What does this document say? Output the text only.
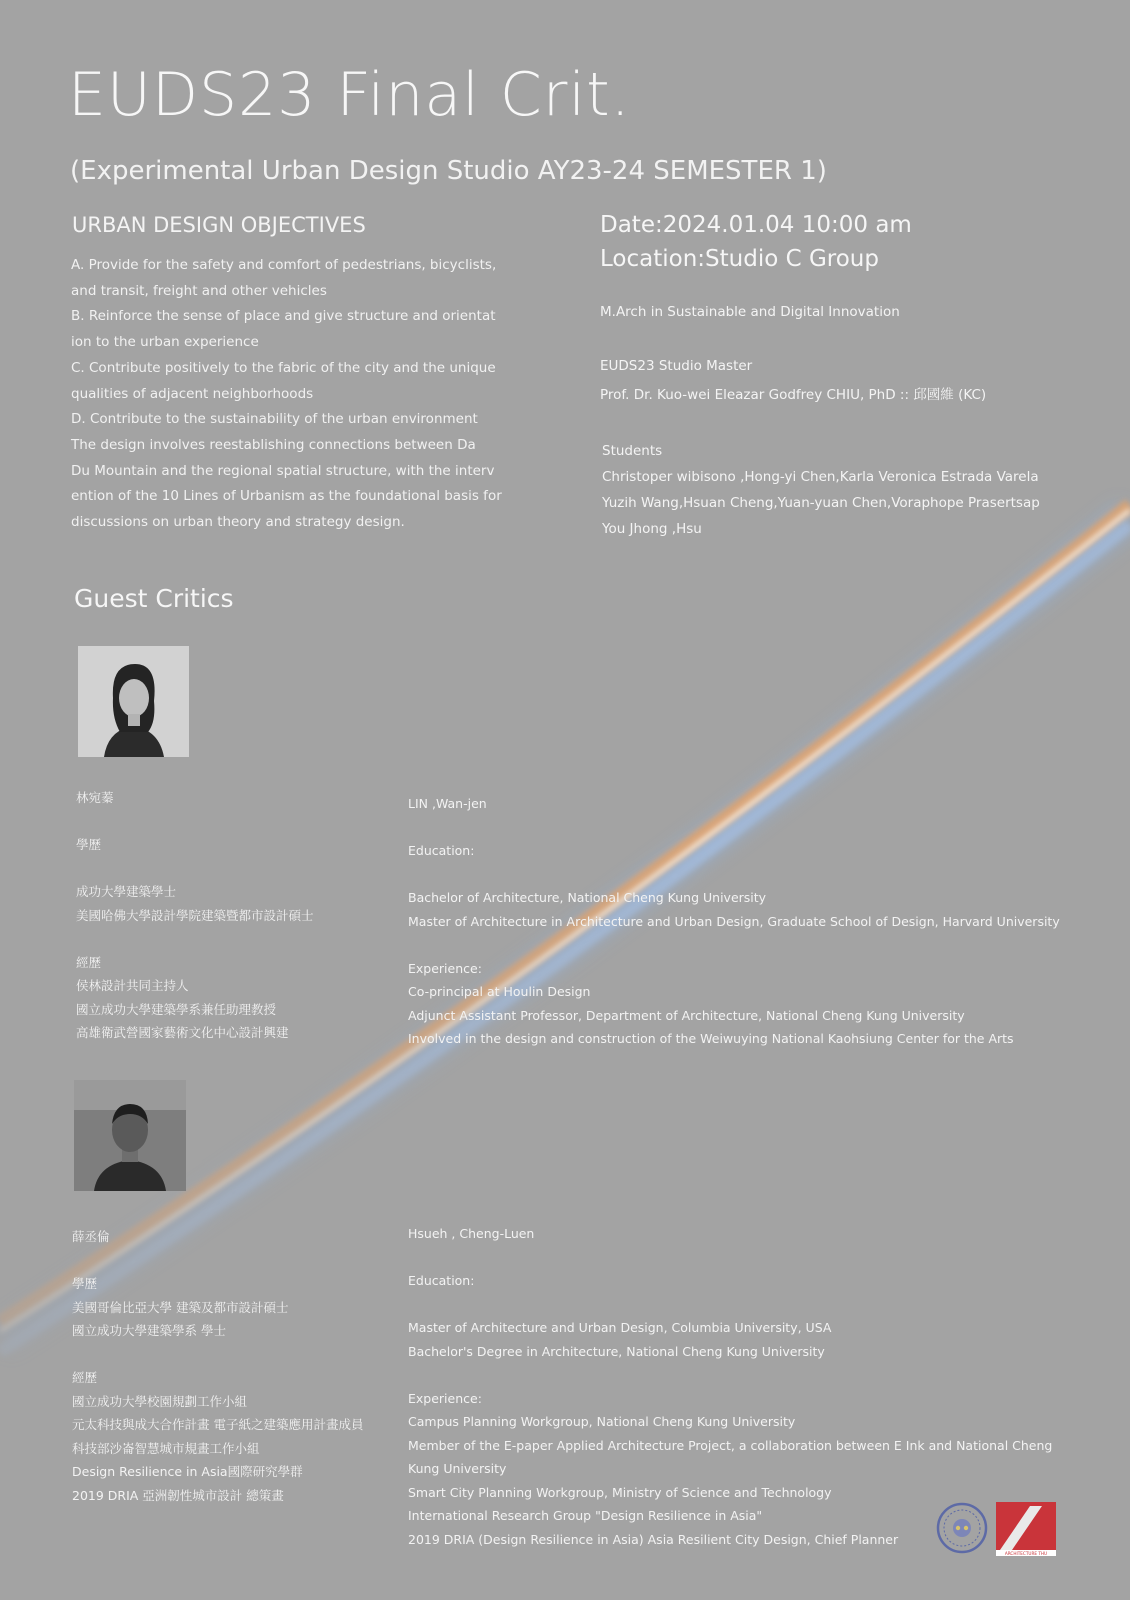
EUDS23 Final Crit.
(Experimental Urban Design Studio AY23-24 SEMESTER 1)
URBAN DESIGN OBJECTIVES
A. Provide for the safety and comfort of pedestrians, bicyclists,
and transit, freight and other vehicles
B. Reinforce the sense of place and give structure and orientat
ion to the urban experience
C. Contribute positively to the fabric of the city and the unique
qualities of adjacent neighborhoods
D. Contribute to the sustainability of the urban environment
The design involves reestablishing connections between Da
Du Mountain and the regional spatial structure, with the interv
ention of the 10 Lines of Urbanism as the foundational basis for
discussions on urban theory and strategy design.
Date:2024.01.04 10:00 am
Location:Studio C Group
M.Arch in Sustainable and Digital Innovation
EUDS23 Studio Master
Prof. Dr. Kuo-wei Eleazar Godfrey CHIU, PhD :: 邱國維 (KC)
Students
Christoper wibisono ,Hong-yi Chen,Karla Veronica Estrada Varela
Yuzih Wang,Hsuan Cheng,Yuan-yuan Chen,Voraphope Prasertsap
You Jhong ,Hsu
Guest Critics
林宛蓁
學歷
成功大學建築學士
美國哈佛大學設計學院建築暨都市設計碩士
經歷
侯林設計共同主持人
國立成功大學建築學系兼任助理教授
高雄衛武營國家藝術文化中心設計興建
LIN ,Wan-jen
Education:
Bachelor of Architecture, National Cheng Kung University
Master of Architecture in Architecture and Urban Design, Graduate School of Design, Harvard University
Experience:
Co-principal at Houlin Design
Adjunct Assistant Professor, Department of Architecture, National Cheng Kung University
Involved in the design and construction of the Weiwuying National Kaohsiung Center for the Arts
薛丞倫
學歷
美國哥倫比亞大學 建築及都市設計碩士
國立成功大學建築學系 學士
經歷
國立成功大學校園規劃工作小組
元太科技與成大合作計畫 電子紙之建築應用計畫成員
科技部沙崙智慧城市規畫工作小組
Design Resilience in Asia國際研究學群
2019 DRIA 亞洲韌性城市設計 總策畫
Hsueh , Cheng-Luen
Education:
Master of Architecture and Urban Design, Columbia University, USA
Bachelor's Degree in Architecture, National Cheng Kung University
Experience:
Campus Planning Workgroup, National Cheng Kung University
Member of the E-paper Applied Architecture Project, a collaboration between E Ink and National Cheng
Kung University
Smart City Planning Workgroup, Ministry of Science and Technology
International Research Group "Design Resilience in Asia"
2019 DRIA (Design Resilience in Asia) Asia Resilient City Design, Chief Planner
ARCHITECTURE THU
